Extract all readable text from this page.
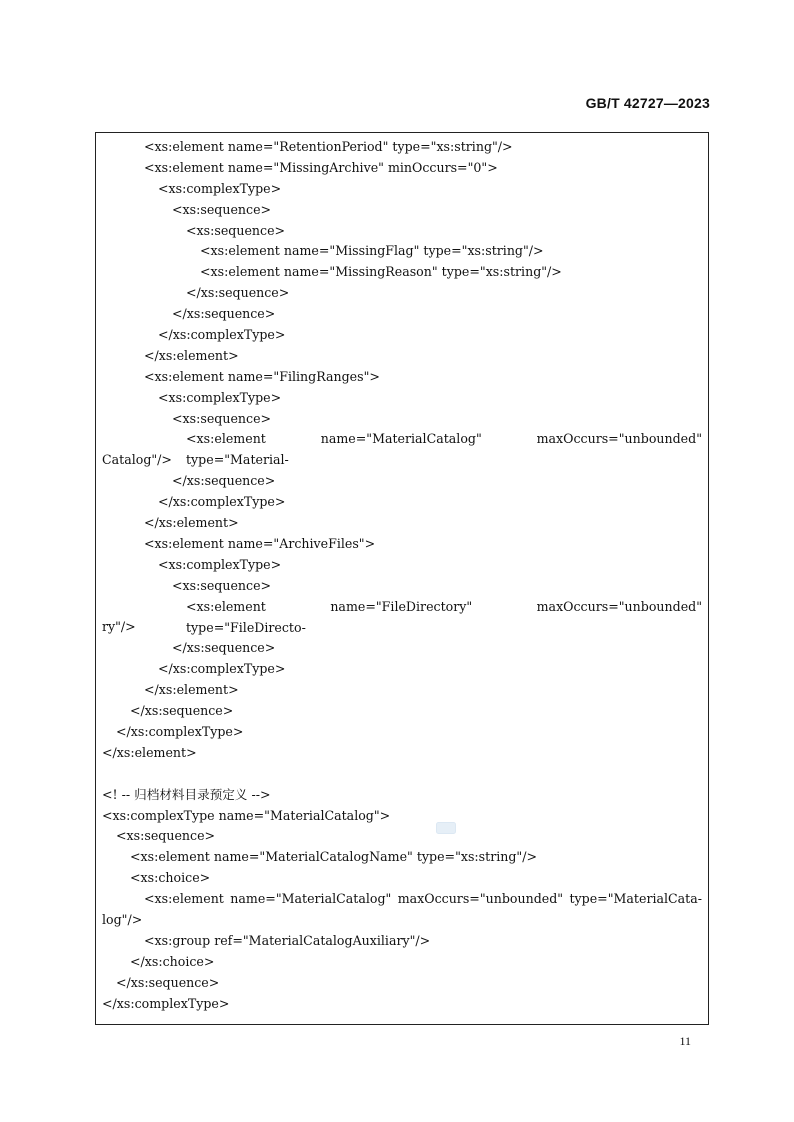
GB/T 42727—2023
<xs:element name="RetentionPeriod" type="xs:string"/>
<xs:element name="MissingArchive" minOccurs="0">
<xs:complexType>
<xs:sequence>
<xs:sequence>
<xs:element name="MissingFlag" type="xs:string"/>
<xs:element name="MissingReason" type="xs:string"/>
</xs:sequence>
</xs:sequence>
</xs:complexType>
</xs:element>
<xs:element name="FilingRanges">
<xs:complexType>
<xs:sequence>
<xs:element name="MaterialCatalog" maxOccurs="unbounded" type="Material-
Catalog"/>
</xs:sequence>
</xs:complexType>
</xs:element>
<xs:element name="ArchiveFiles">
<xs:complexType>
<xs:sequence>
<xs:element name="FileDirectory" maxOccurs="unbounded" type="FileDirecto-
ry"/>
</xs:sequence>
</xs:complexType>
</xs:element>
</xs:sequence>
</xs:complexType>
</xs:element>
<! -- 归档材料目录预定义 -->
<xs:complexType name="MaterialCatalog">
<xs:sequence>
<xs:element name="MaterialCatalogName" type="xs:string"/>
<xs:choice>
<xs:element name="MaterialCatalog" maxOccurs="unbounded" type="MaterialCata-
log"/>
<xs:group ref="MaterialCatalogAuxiliary"/>
</xs:choice>
</xs:sequence>
</xs:complexType>
11
